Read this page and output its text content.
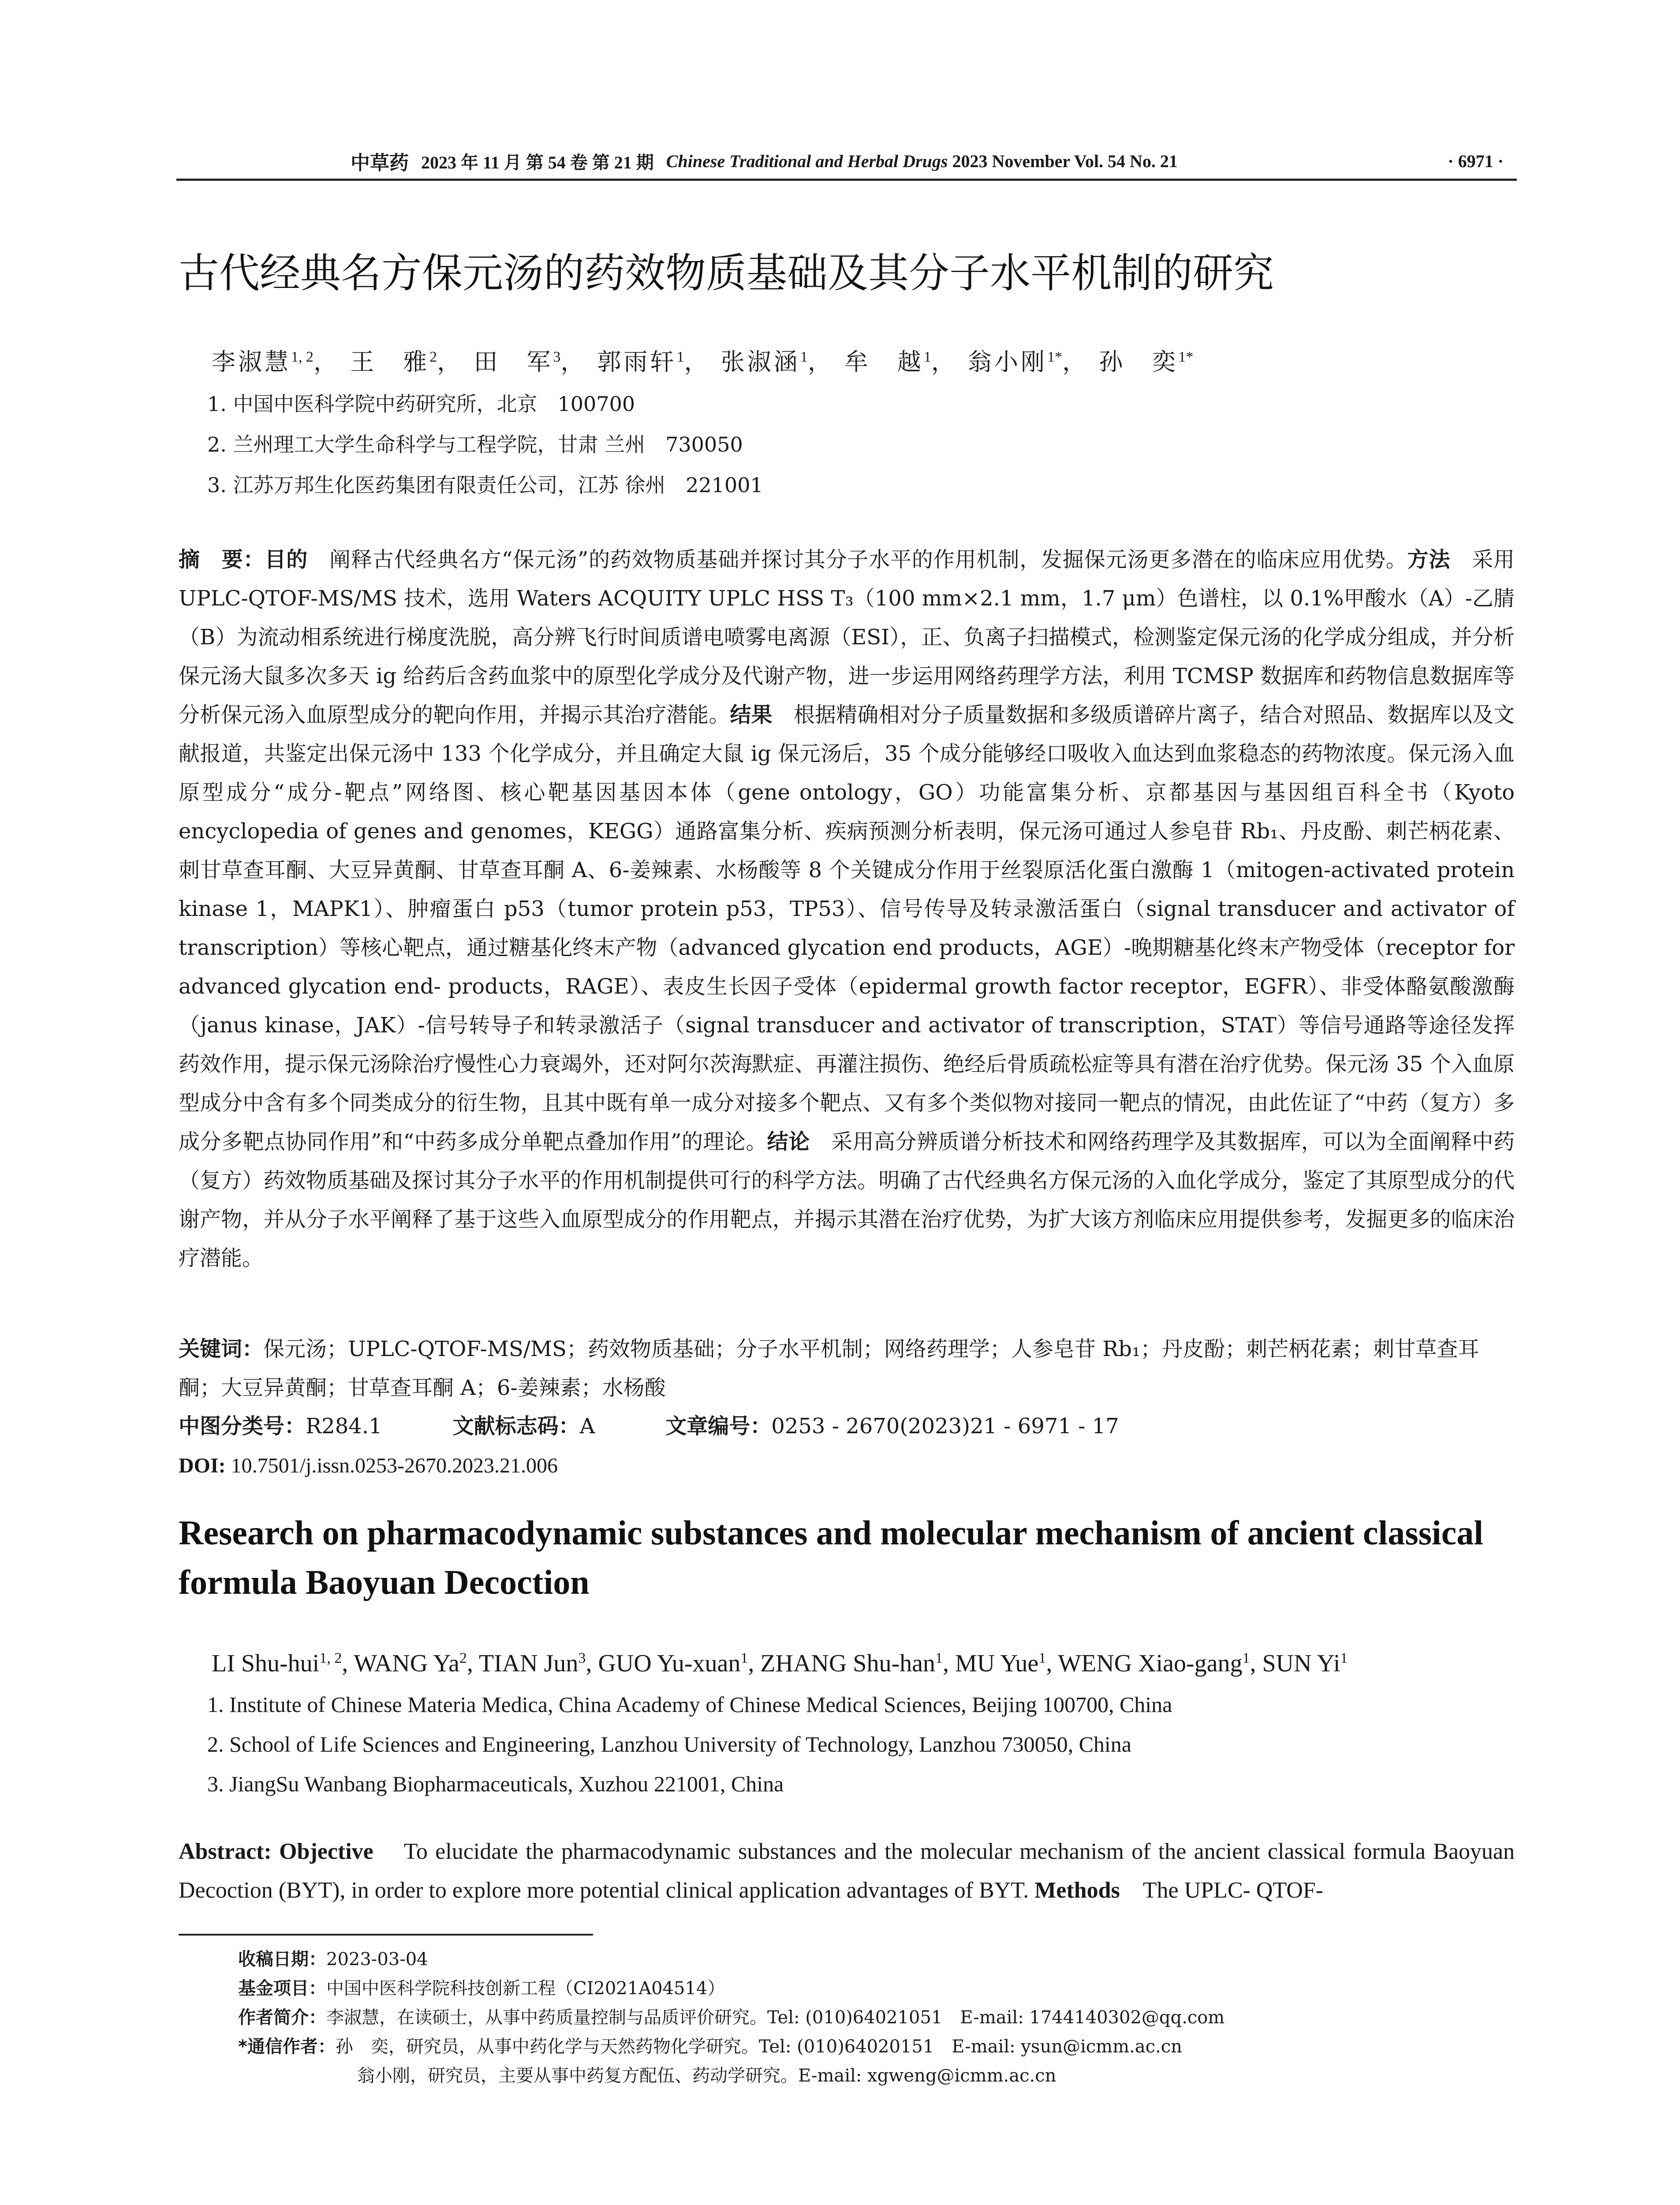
中草药 2023 年 11 月 第 54 卷 第 21 期 Chinese Traditional and Herbal Drugs 2023 November Vol. 54 No. 21	· 6971 ·
古代经典名方保元汤的药效物质基础及其分子水平机制的研究
李淑慧$^{1, 2}$， 王　雅$^2$， 田　军$^3$， 郭雨轩$^1$， 张淑涵$^1$， 牟　越$^1$， 翁小刚$^{1*}$， 孙　奕$^{1*}$
1. 中国中医科学院中药研究所，北京　100700
2. 兰州理工大学生命科学与工程学院，甘肃 兰州　730050
3. 江苏万邦生化医药集团有限责任公司，江苏 徐州　221001

摘　要：目的　 阐释古代经典名方“保元汤”的药效物质基础并探讨其分子水平的作用机制，发掘保元汤更多潜在的临床应用优势。方法　 采用 UPLC-QTOF-MS/MS 技术，选用 Waters ACQUITY UPLC HSS T₃（100 mm×2.1 mm，1.7 μm）色谱柱，以 0.1%甲酸水（A）-乙腈（B）为流动相系统进行梯度洗脱，高分辨飞行时间质谱电喷雾电离源（ESI），正、负离子扫描模式，检测鉴定保元汤的化学成分组成，并分析保元汤大鼠多次多天 ig 给药后含药血浆中的原型化学成分及代谢产物，进一步运用网络药理学方法，利用 TCMSP 数据库和药物信息数据库等分析保元汤入血原型成分的靶向作用，并揭示其治疗潜能。结果　 根据精确相对分子质量数据和多级质谱碎片离子，结合对照品、数据库以及文献报道，共鉴定出保元汤中 133 个化学成分，并且确定大鼠 ig 保元汤后，35 个成分能够经口吸收入血达到血浆稳态的药物浓度。保元汤入血原型成分“成分-靶点”网络图、核心靶基因基因本体（gene ontology，GO）功能富集分析、京都基因与基因组百科全书（Kyoto encyclopedia of genes and genomes，KEGG）通路富集分析、疾病预测分析表明，保元汤可通过人参皂苷 Rb₁、丹皮酚、刺芒柄花素、刺甘草查耳酮、大豆异黄酮、甘草查耳酮 A、6-姜辣素、水杨酸等 8 个关键成分作用于丝裂原活化蛋白激酶 1（mitogen-activated protein kinase 1，MAPK1）、肿瘤蛋白 p53（tumor protein p53，TP53）、信号传导及转录激活蛋白（signal transducer and activator of transcription）等核心靶点，通过糖基化终末产物（advanced glycation end products，AGE）-晚期糖基化终末产物受体（receptor for advanced glycation end- products，RAGE）、表皮生长因子受体（epidermal growth factor receptor，EGFR）、非受体酪氨酸激酶（janus kinase，JAK）-信号转导子和转录激活子（signal transducer and activator of transcription，STAT）等信号通路等途径发挥药效作用，提示保元汤除治疗慢性心力衰竭外，还对阿尔茨海默症、再灌注损伤、绝经后骨质疏松症等具有潜在治疗优势。保元汤 35 个入血原型成分中含有多个同类成分的衍生物，且其中既有单一成分对接多个靶点、又有多个类似物对接同一靶点的情况，由此佐证了“中药（复方）多成分多靶点协同作用”和“中药多成分单靶点叠加作用”的理论。结论　 采用高分辨质谱分析技术和网络药理学及其数据库，可以为全面阐释中药（复方）药效物质基础及探讨其分子水平的作用机制提供可行的科学方法。明确了古代经典名方保元汤的入血化学成分，鉴定了其原型成分的代谢产物，并从分子水平阐释了基于这些入血原型成分的作用靶点，并揭示其潜在治疗优势，为扩大该方剂临床应用提供参考，发掘更多的临床治疗潜能。

关键词：保元汤；UPLC-QTOF-MS/MS；药效物质基础；分子水平机制；网络药理学；人参皂苷 Rb₁；丹皮酚；刺芒柄花素；刺甘草查耳酮；大豆异黄酮；甘草查耳酮 A；6-姜辣素；水杨酸
中图分类号：R284.1	文献标志码：A	文章编号：0253 - 2670(2023)21 - 6971 - 17
DOI: 10.7501/j.issn.0253-2670.2023.21.006
Research on pharmacodynamic substances and molecular mechanism of ancient classical formula Baoyuan Decoction
LI Shu-hui$^{1, 2}$, WANG Ya$^2$, TIAN Jun$^3$, GUO Yu-xuan$^1$, ZHANG Shu-han$^1$, MU Yue$^1$, WENG Xiao-gang$^1$, SUN Yi$^1$
1. Institute of Chinese Materia Medica, China Academy of Chinese Medical Sciences, Beijing 100700, China
2. School of Life Sciences and Engineering, Lanzhou University of Technology, Lanzhou 730050, China
3. JiangSu Wanbang Biopharmaceuticals, Xuzhou 221001, China
Abstract: Objective To elucidate the pharmacodynamic substances and the molecular mechanism of the ancient classical formula Baoyuan Decoction (BYT), in order to explore more potential clinical application advantages of BYT. Methods The UPLC- QTOF-
收稿日期： 2023-03-04
基金项目： 中国中医科学院科技创新工程（CI2021A04514）
作者简介： 李淑慧，在读硕士，从事中药质量控制与品质评价研究。Tel: (010)64021051　E-mail: 1744140302@qq.com
*通信作者： 孙　奕，研究员，从事中药化学与天然药物化学研究。Tel: (010)64020151　E-mail: ysun@icmm.ac.cn
翁小刚，研究员，主要从事中药复方配伍、药动学研究。E-mail: xgweng@icmm.ac.cn
